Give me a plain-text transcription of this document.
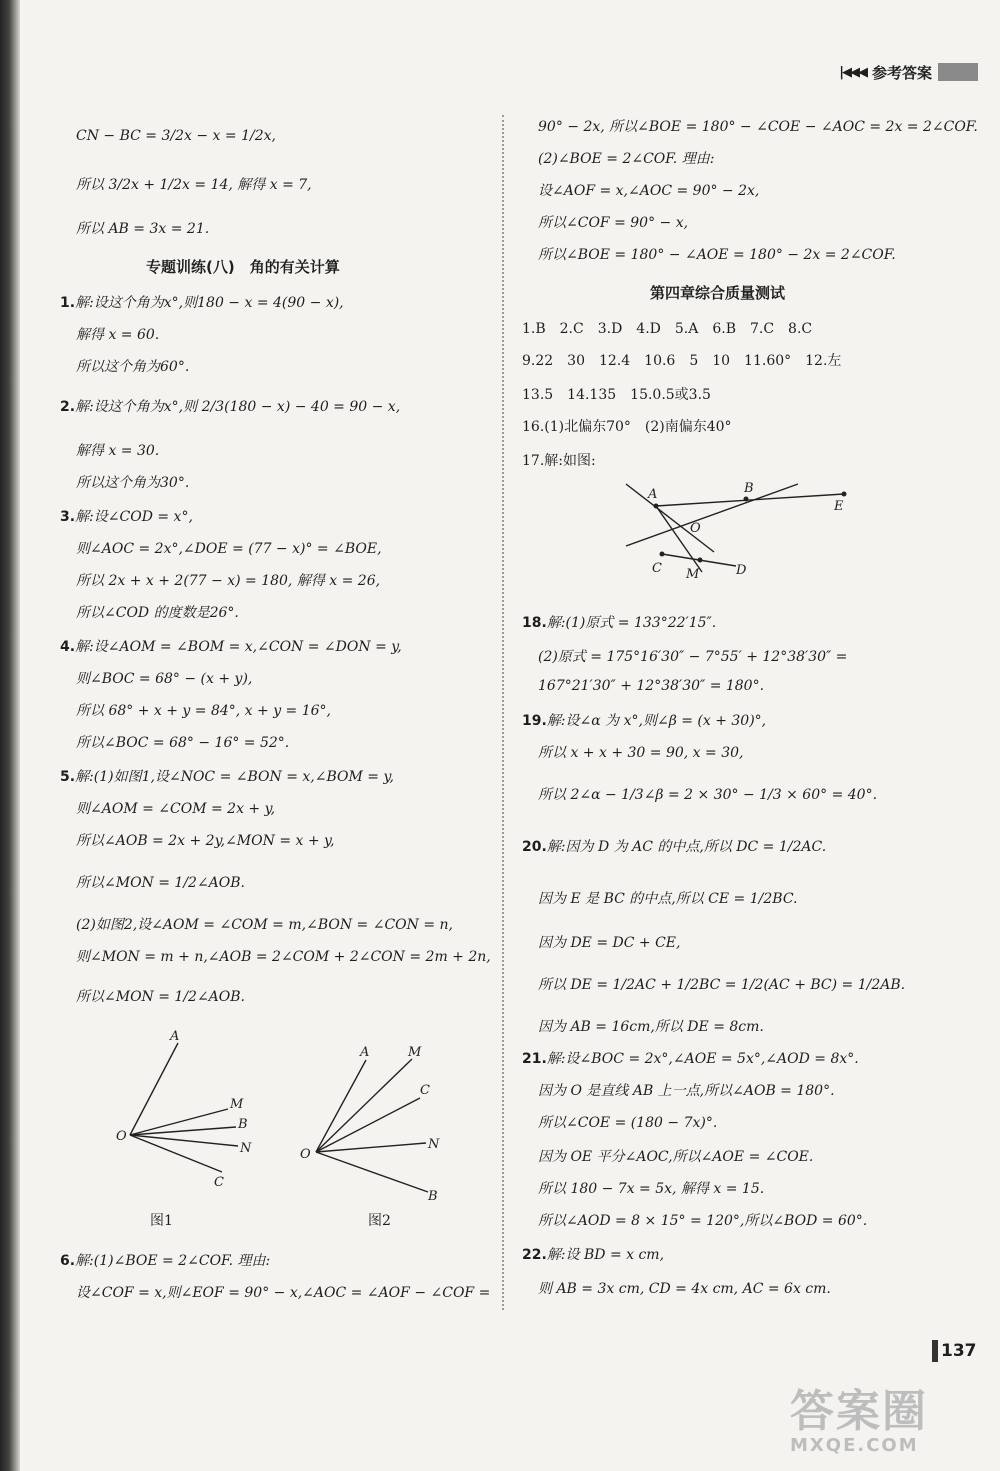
|◀◀◀ 参考答案
CN − BC = 3/2x − x = 1/2x,
所以 3/2x + 1/2x = 14, 解得 x = 7,
所以 AB = 3x = 21.
专题训练(八)　角的有关计算
1.解:设这个角为x°,则180 − x = 4(90 − x),
解得 x = 60.
所以这个角为60°.
2.解:设这个角为x°,则 2/3(180 − x) − 40 = 90 − x,
解得 x = 30.
所以这个角为30°.
3.解:设∠COD = x°,
则∠AOC = 2x°,∠DOE = (77 − x)° = ∠BOE,
所以 2x + x + 2(77 − x) = 180, 解得 x = 26,
所以∠COD 的度数是26°.
4.解:设∠AOM = ∠BOM = x,∠CON = ∠DON = y,
则∠BOC = 68° − (x + y),
所以 68° + x + y = 84°, x + y = 16°,
所以∠BOC = 68° − 16° = 52°.
5.解:(1)如图1,设∠NOC = ∠BON = x,∠BOM = y,
则∠AOM = ∠COM = 2x + y,
所以∠AOB = 2x + 2y,∠MON = x + y,
所以∠MON = 1/2∠AOB.
(2)如图2,设∠AOM = ∠COM = m,∠BON = ∠CON = n,
则∠MON = m + n,∠AOB = 2∠COM + 2∠CON = 2m + 2n,
所以∠MON = 1/2∠AOB.
A
M
B
N
C
O
A	M
C
N
B
O
图1	图2
6.解:(1)∠BOE = 2∠COF. 理由:
设∠COF = x,则∠EOF = 90° − x,∠AOC = ∠AOF − ∠COF =
90° − 2x, 所以∠BOE = 180° − ∠COE − ∠AOC = 2x = 2∠COF.
(2)∠BOE = 2∠COF. 理由:
设∠AOF = x,∠AOC = 90° − 2x,
所以∠COF = 90° − x,
所以∠BOE = 180° − ∠AOE = 180° − 2x = 2∠COF.
第四章综合质量测试
1.B　2.C　3.D　4.D　5.A　6.B　7.C　8.C
9.22　30　12.4　10.6　5　10　11.60°　12.左
13.5　14.135　15.0.5或3.5
16.(1)北偏东70°　(2)南偏东40°
17.解:如图:
A	B
E
O
C M	D
18.解:(1)原式 = 133°22′15″.
(2)原式 = 175°16′30″ − 7°55′ + 12°38′30″ =
167°21′30″ + 12°38′30″ = 180°.
19.解:设∠α 为 x°,则∠β = (x + 30)°,
所以 x + x + 30 = 90, x = 30,
所以 2∠α − 1/3∠β = 2 × 30° − 1/3 × 60° = 40°.
20.解:因为 D 为 AC 的中点,所以 DC = 1/2AC.
因为 E 是 BC 的中点,所以 CE = 1/2BC.
因为 DE = DC + CE,
所以 DE = 1/2AC + 1/2BC = 1/2(AC + BC) = 1/2AB.
因为 AB = 16cm,所以 DE = 8cm.
21.解:设∠BOC = 2x°,∠AOE = 5x°,∠AOD = 8x°.
因为 O 是直线 AB 上一点,所以∠AOB = 180°.
所以∠COE = (180 − 7x)°.
因为 OE 平分∠AOC,所以∠AOE = ∠COE.
所以 180 − 7x = 5x, 解得 x = 15.
所以∠AOD = 8 × 15° = 120°,所以∠BOD = 60°.
22.解:设 BD = x cm,
则 AB = 3x cm, CD = 4x cm, AC = 6x cm.
137
答案圈
MXQE.COM
